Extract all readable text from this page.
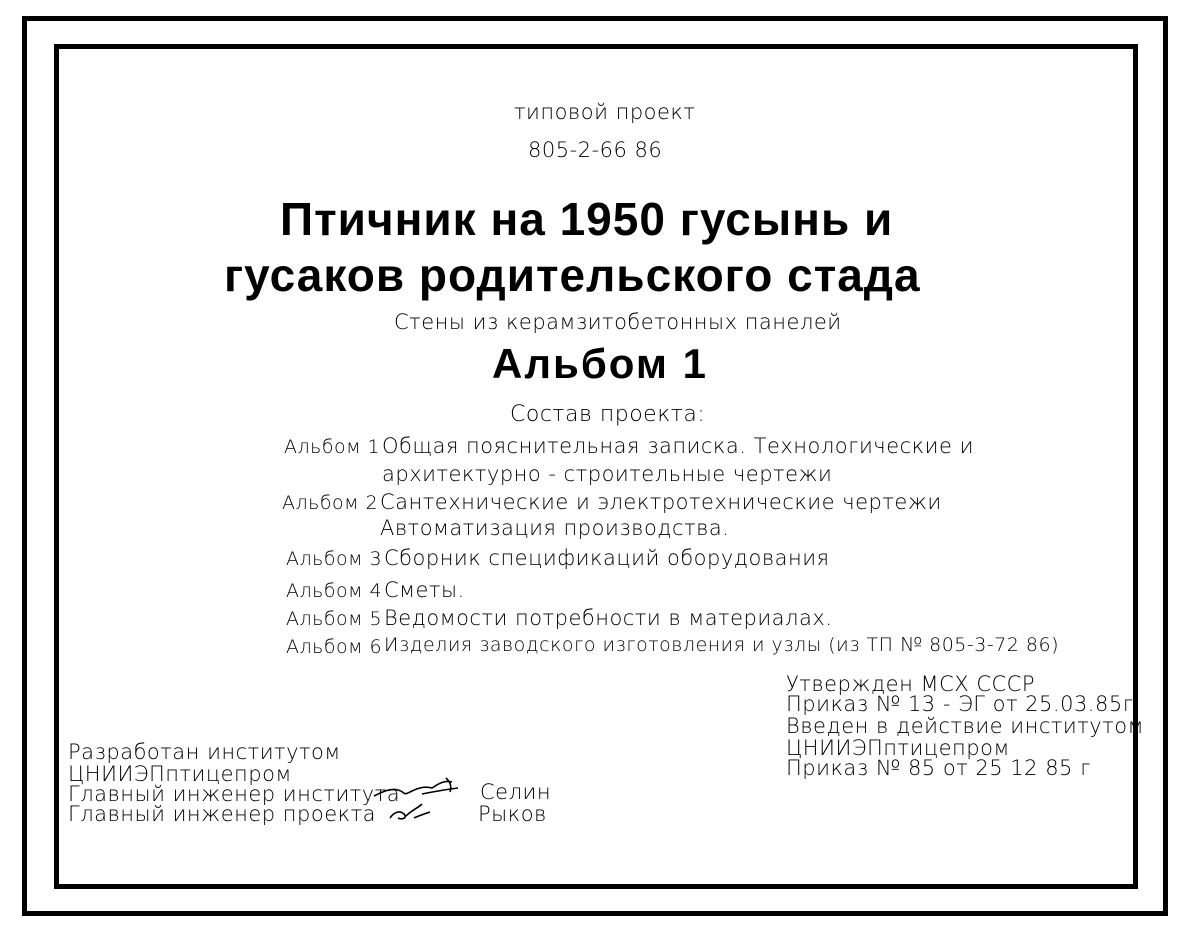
типовой проект
805-2-66 86
Птичник на 1950 гусынь и
гусаков родительского стада
Стены из керамзитобетонных панелей
Альбом 1
Состав проекта:
Альбом 1 Общая пояснительная записка. Технологические и
архитектурно - строительные чертежи
Альбом 2 Сантехнические и электротехнические чертежи
Автоматизация производства.
Альбом 3 Сборник спецификаций оборудования
Альбом 4 Сметы.
Альбом 5 Ведомости потребности в материалах.
Альбом 6 Изделия заводского изготовления и узлы (из ТП № 805-3-72 86)
Утвержден МСХ СССР
Приказ № 13 - ЭГ от 25.03.85г
Введен в действие институтом
ЦНИИЭПптицепром
Приказ № 85 от 25 12 85 г
Разработан институтом
ЦНИИЭПптицепром
Главный инженер института
Главный инженер проекта
Селин
Рыков
